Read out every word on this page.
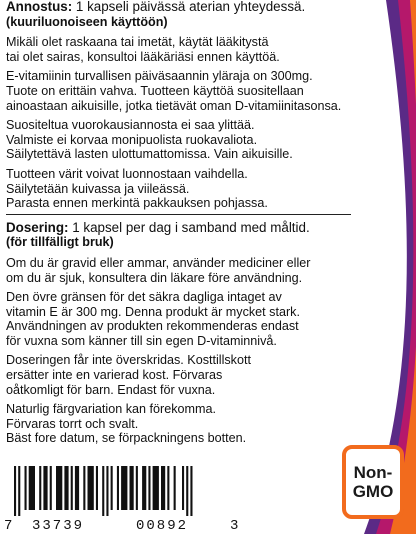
Annostus: 1 kapseli päivässä aterian yhteydessä.
(kuuriluonoiseen käyttöön)
Mikäli olet raskaana tai imetät, käytät lääkitystä
tai olet sairas, konsultoi lääkäriäsi ennen käyttöä.
E-vitamiinin turvallisen päiväsaannin yläraja on 300mg.
Tuote on erittäin vahva. Tuotteen käyttöä suositellaan
ainoastaan aikuisille, jotka tietävät oman D-vitamiinitasonsa.
Suositeltua vuorokausiannosta ei saa ylittää.
Valmiste ei korvaa monipuolista ruokavaliota.
Säilytettävä lasten ulottumattomissa. Vain aikuisille.
Tuotteen värit voivat luonnostaan vaihdella.
Säilytetään kuivassa ja viileässä.
Parasta ennen merkintä pakkauksen pohjassa.
Dosering: 1 kapsel per dag i samband med måltid.
(för tillfälligt bruk)
Om du är gravid eller ammar, använder mediciner eller
om du är sjuk, konsultera din läkare före användning.
Den övre gränsen för det säkra dagliga intaget av
vitamin E är 300 mg. Denna produkt är mycket stark.
Användningen av produkten rekommenderas endast
för vuxna som känner till sin egen D-vitaminnivå.
Doseringen får inte överskridas. Kosttillskott
ersätter inte en varierad kost. Förvaras
oåtkomligt för barn. Endast för vuxna.
Naturlig färgvariation kan förekomma.
Förvaras torrt och svalt.
Bäst fore datum, se förpackningens botten.
7 33739	00892	3
Non-
GMO
